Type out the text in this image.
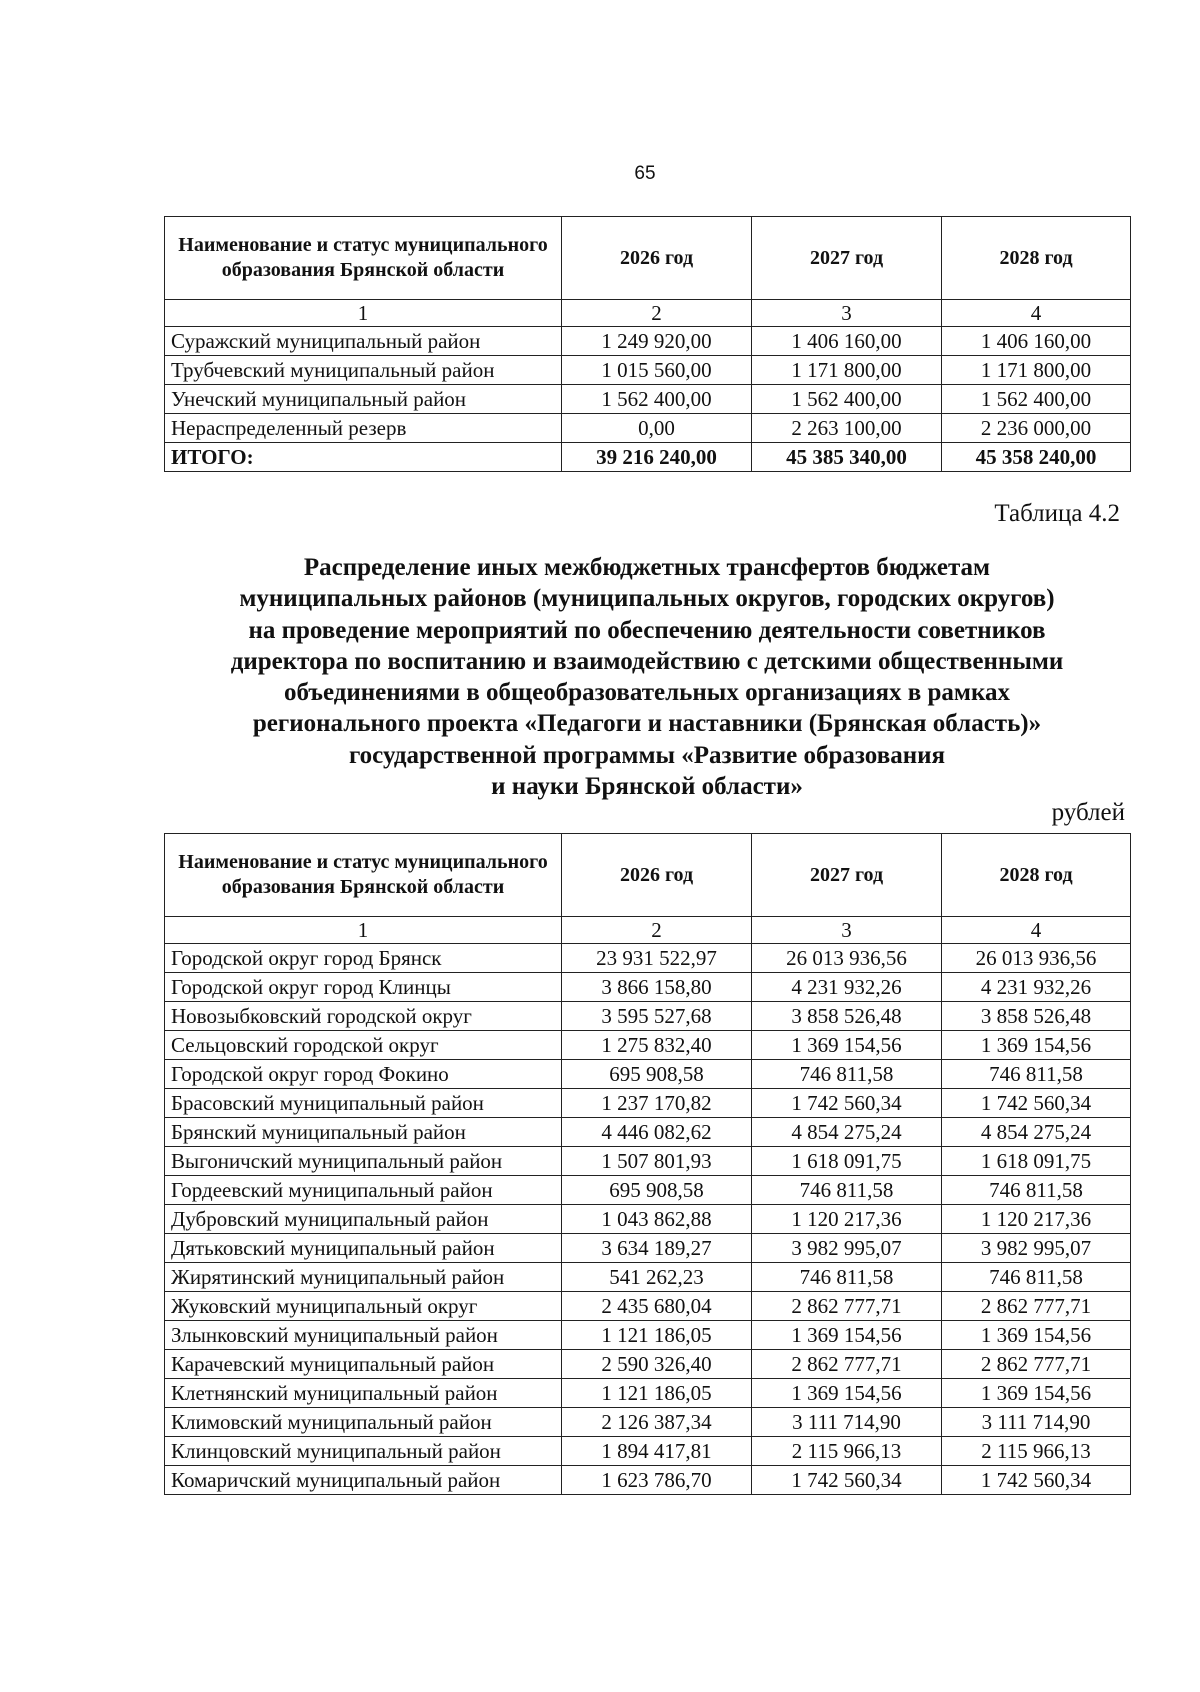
65
Наименование и статус муниципального образования Брянской области	2026 год	2027 год	2028 год
1	2	3	4
Суражский муниципальный район	1 249 920,00	1 406 160,00	1 406 160,00
Трубчевский муниципальный район	1 015 560,00	1 171 800,00	1 171 800,00
Унечский муниципальный район	1 562 400,00	1 562 400,00	1 562 400,00
Нераспределенный резерв	0,00	2 263 100,00	2 236 000,00
ИТОГО:	39 216 240,00	45 385 340,00	45 358 240,00
Таблица 4.2
Распределение иных межбюджетных трансфертов бюджетам
муниципальных районов (муниципальных округов, городских округов)
на проведение мероприятий по обеспечению деятельности советников
директора по воспитанию и взаимодействию с детскими общественными
объединениями в общеобразовательных организациях в рамках
регионального проекта «Педагоги и наставники (Брянская область)»
государственной программы «Развитие образования
и науки Брянской области»
рублей
Наименование и статус муниципального образования Брянской области	2026 год	2027 год	2028 год
1	2	3	4
Городской округ город Брянск	23 931 522,97	26 013 936,56	26 013 936,56
Городской округ город Клинцы	3 866 158,80	4 231 932,26	4 231 932,26
Новозыбковский городской округ	3 595 527,68	3 858 526,48	3 858 526,48
Сельцовский городской округ	1 275 832,40	1 369 154,56	1 369 154,56
Городской округ город Фокино	695 908,58	746 811,58	746 811,58
Брасовский муниципальный район	1 237 170,82	1 742 560,34	1 742 560,34
Брянский муниципальный район	4 446 082,62	4 854 275,24	4 854 275,24
Выгоничский муниципальный район	1 507 801,93	1 618 091,75	1 618 091,75
Гордеевский муниципальный район	695 908,58	746 811,58	746 811,58
Дубровский муниципальный район	1 043 862,88	1 120 217,36	1 120 217,36
Дятьковский муниципальный район	3 634 189,27	3 982 995,07	3 982 995,07
Жирятинский муниципальный район	541 262,23	746 811,58	746 811,58
Жуковский муниципальный округ	2 435 680,04	2 862 777,71	2 862 777,71
Злынковский муниципальный район	1 121 186,05	1 369 154,56	1 369 154,56
Карачевский муниципальный район	2 590 326,40	2 862 777,71	2 862 777,71
Клетнянский муниципальный район	1 121 186,05	1 369 154,56	1 369 154,56
Климовский муниципальный район	2 126 387,34	3 111 714,90	3 111 714,90
Клинцовский муниципальный район	1 894 417,81	2 115 966,13	2 115 966,13
Комаричский муниципальный район	1 623 786,70	1 742 560,34	1 742 560,34
